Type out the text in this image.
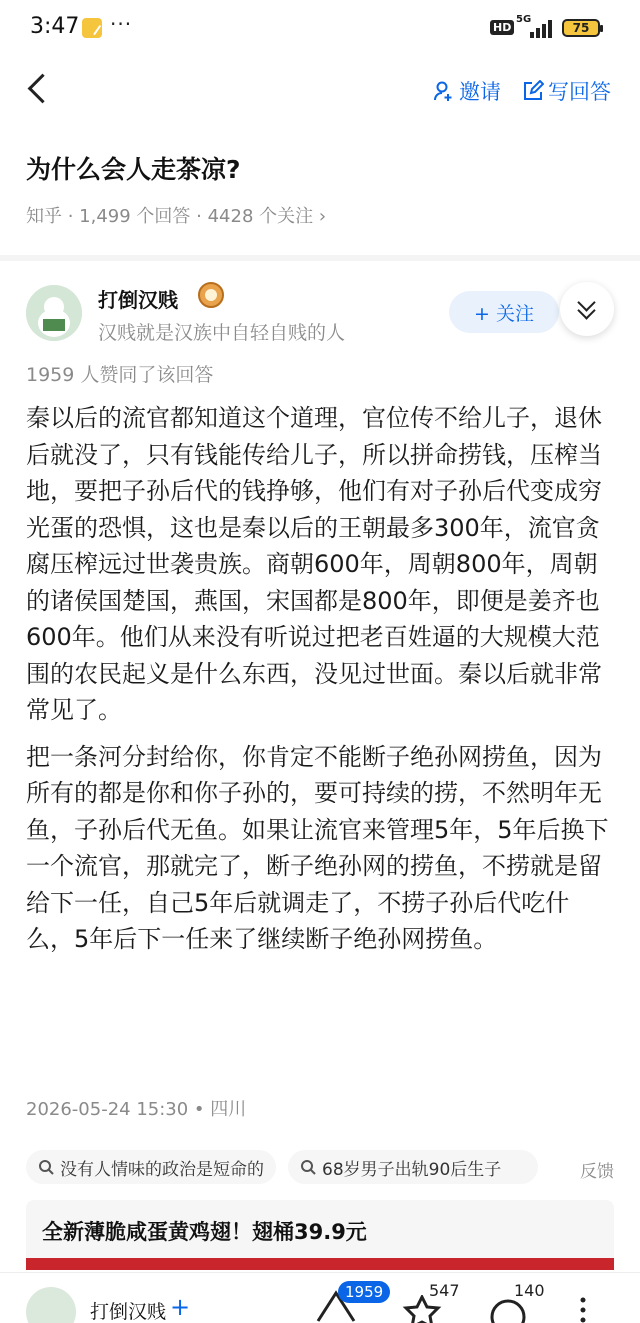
3:47 ···	HD
5G
75
邀请 写回答
为什么会人走茶凉?
知乎 · 1,499 个回答 · 4428 个关注 ›
打倒汉贱
汉贱就是汉族中自轻自贱的人
+ 关注
1959 人赞同了该回答

秦以后的流官都知道这个道理，官位传不给儿子，退休后就没了，只有钱能传给儿子，所以拼命捞钱，压榨当地，要把子孙后代的钱挣够，他们有对子孙后代变成穷光蛋的恐惧，这也是秦以后的王朝最多300年，流官贪腐压榨远过世袭贵族。商朝600年，周朝800年，周朝的诸侯国楚国，燕国，宋国都是800年，即便是姜齐也600年。他们从来没有听说过把老百姓逼的大规模大范围的农民起义是什么东西，没见过世面。秦以后就非常常见了。

把一条河分封给你，你肯定不能断子绝孙网捞鱼，因为所有的都是你和你子孙的，要可持续的捞，不然明年无鱼，子孙后代无鱼。如果让流官来管理5年，5年后换下一个流官，那就完了，断子绝孙网的捞鱼，不捞就是留给下一任，自己5年后就调走了，不捞子孙后代吃什么，5年后下一任来了继续断子绝孙网捞鱼。

2026-05-24 15:30 • 四川
没有人情味的政治是短命的	68岁男子出轨90后生子	反馈
全新薄脆咸蛋黄鸡翅！翅桶39.9元
打倒汉贱 +
1959	547	140
